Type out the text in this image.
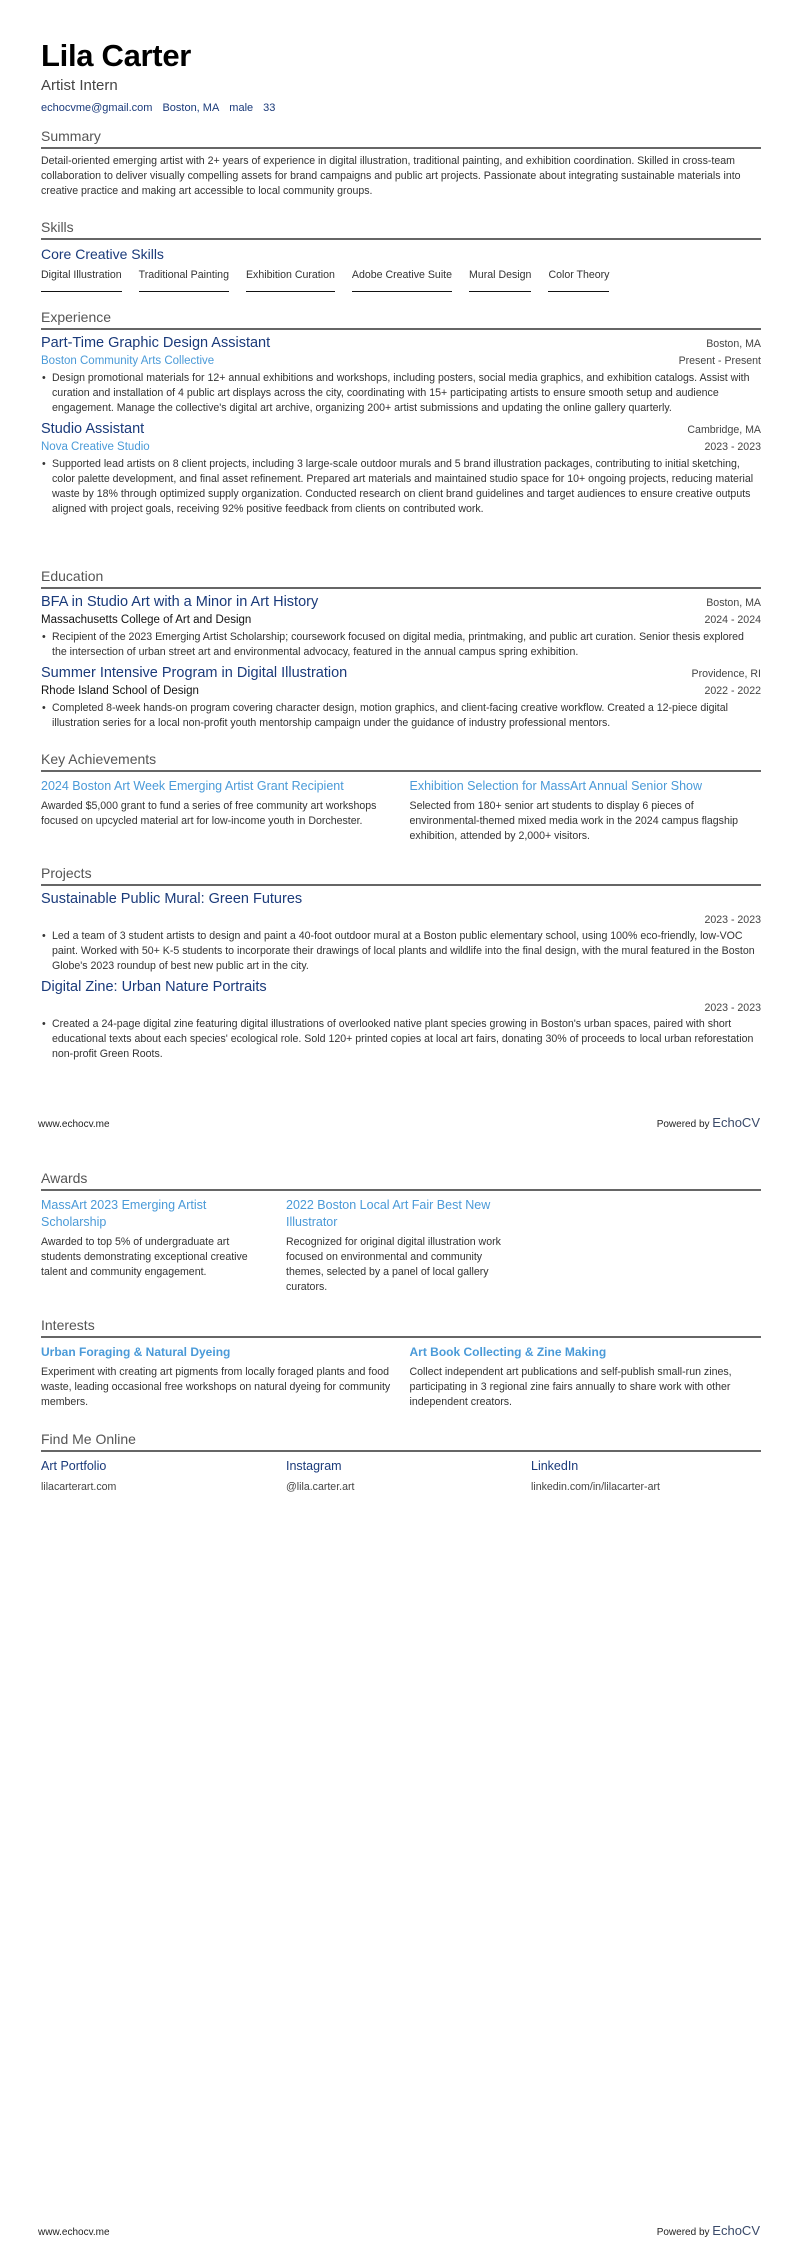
Lila Carter
Artist Intern
echocvme@gmail.com Boston, MA male 33
Summary
Detail-oriented emerging artist with 2+ years of experience in digital illustration, traditional painting, and exhibition coordination. Skilled in cross-team collaboration to deliver visually compelling assets for brand campaigns and public art projects. Passionate about integrating sustainable materials into creative practice and making art accessible to local community groups.
Skills
Core Creative Skills
Digital Illustration Traditional Painting Exhibition Curation Adobe Creative Suite Mural Design Color Theory
Experience
Part-Time Graphic Design Assistant	Boston, MA
Boston Community Arts Collective	Present - Present
• Design promotional materials for 12+ annual exhibitions and workshops, including posters, social media graphics, and exhibition catalogs. Assist with curation and installation of 4 public art displays across the city, coordinating with 15+ participating artists to ensure smooth setup and audience engagement. Manage the collective's digital art archive, organizing 200+ artist submissions and updating the online gallery quarterly.
Studio Assistant	Cambridge, MA
Nova Creative Studio	2023 - 2023
• Supported lead artists on 8 client projects, including 3 large-scale outdoor murals and 5 brand illustration packages, contributing to initial sketching, color palette development, and final asset refinement. Prepared art materials and maintained studio space for 10+ ongoing projects, reducing material waste by 18% through optimized supply organization. Conducted research on client brand guidelines and target audiences to ensure creative outputs aligned with project goals, receiving 92% positive feedback from clients on contributed work.
Education
BFA in Studio Art with a Minor in Art History	Boston, MA
Massachusetts College of Art and Design	2024 - 2024
• Recipient of the 2023 Emerging Artist Scholarship; coursework focused on digital media, printmaking, and public art curation. Senior thesis explored the intersection of urban street art and environmental advocacy, featured in the annual campus spring exhibition.
Summer Intensive Program in Digital Illustration	Providence, RI
Rhode Island School of Design	2022 - 2022
• Completed 8-week hands-on program covering character design, motion graphics, and client-facing creative workflow. Created a 12-piece digital illustration series for a local non-profit youth mentorship campaign under the guidance of industry professional mentors.
Key Achievements
2024 Boston Art Week Emerging Artist Grant Recipient
Awarded $5,000 grant to fund a series of free community art workshops focused on upcycled material art for low-income youth in Dorchester.
Exhibition Selection for MassArt Annual Senior Show
Selected from 180+ senior art students to display 6 pieces of environmental-themed mixed media work in the 2024 campus flagship exhibition, attended by 2,000+ visitors.
Projects
Sustainable Public Mural: Green Futures
2023 - 2023
• Led a team of 3 student artists to design and paint a 40-foot outdoor mural at a Boston public elementary school, using 100% eco-friendly, low-VOC paint. Worked with 50+ K-5 students to incorporate their drawings of local plants and wildlife into the final design, with the mural featured in the Boston Globe's 2023 roundup of best new public art in the city.
Digital Zine: Urban Nature Portraits
2023 - 2023
• Created a 24-page digital zine featuring digital illustrations of overlooked native plant species growing in Boston's urban spaces, paired with short educational texts about each species' ecological role. Sold 120+ printed copies at local art fairs, donating 30% of proceeds to local urban reforestation non-profit Green Roots.
www.echocv.me	Powered by EchoCV
Awards
MassArt 2023 Emerging Artist Scholarship
Awarded to top 5% of undergraduate art students demonstrating exceptional creative talent and community engagement.
2022 Boston Local Art Fair Best New Illustrator
Recognized for original digital illustration work focused on environmental and community themes, selected by a panel of local gallery curators.
Interests
Urban Foraging & Natural Dyeing
Experiment with creating art pigments from locally foraged plants and food waste, leading occasional free workshops on natural dyeing for community members.
Art Book Collecting & Zine Making
Collect independent art publications and self-publish small-run zines, participating in 3 regional zine fairs annually to share work with other independent creators.
Find Me Online
Art Portfolio
lilacarterart.com
Instagram
@lila.carter.art
LinkedIn
linkedin.com/in/lilacarter-art
www.echocv.me	Powered by EchoCV
